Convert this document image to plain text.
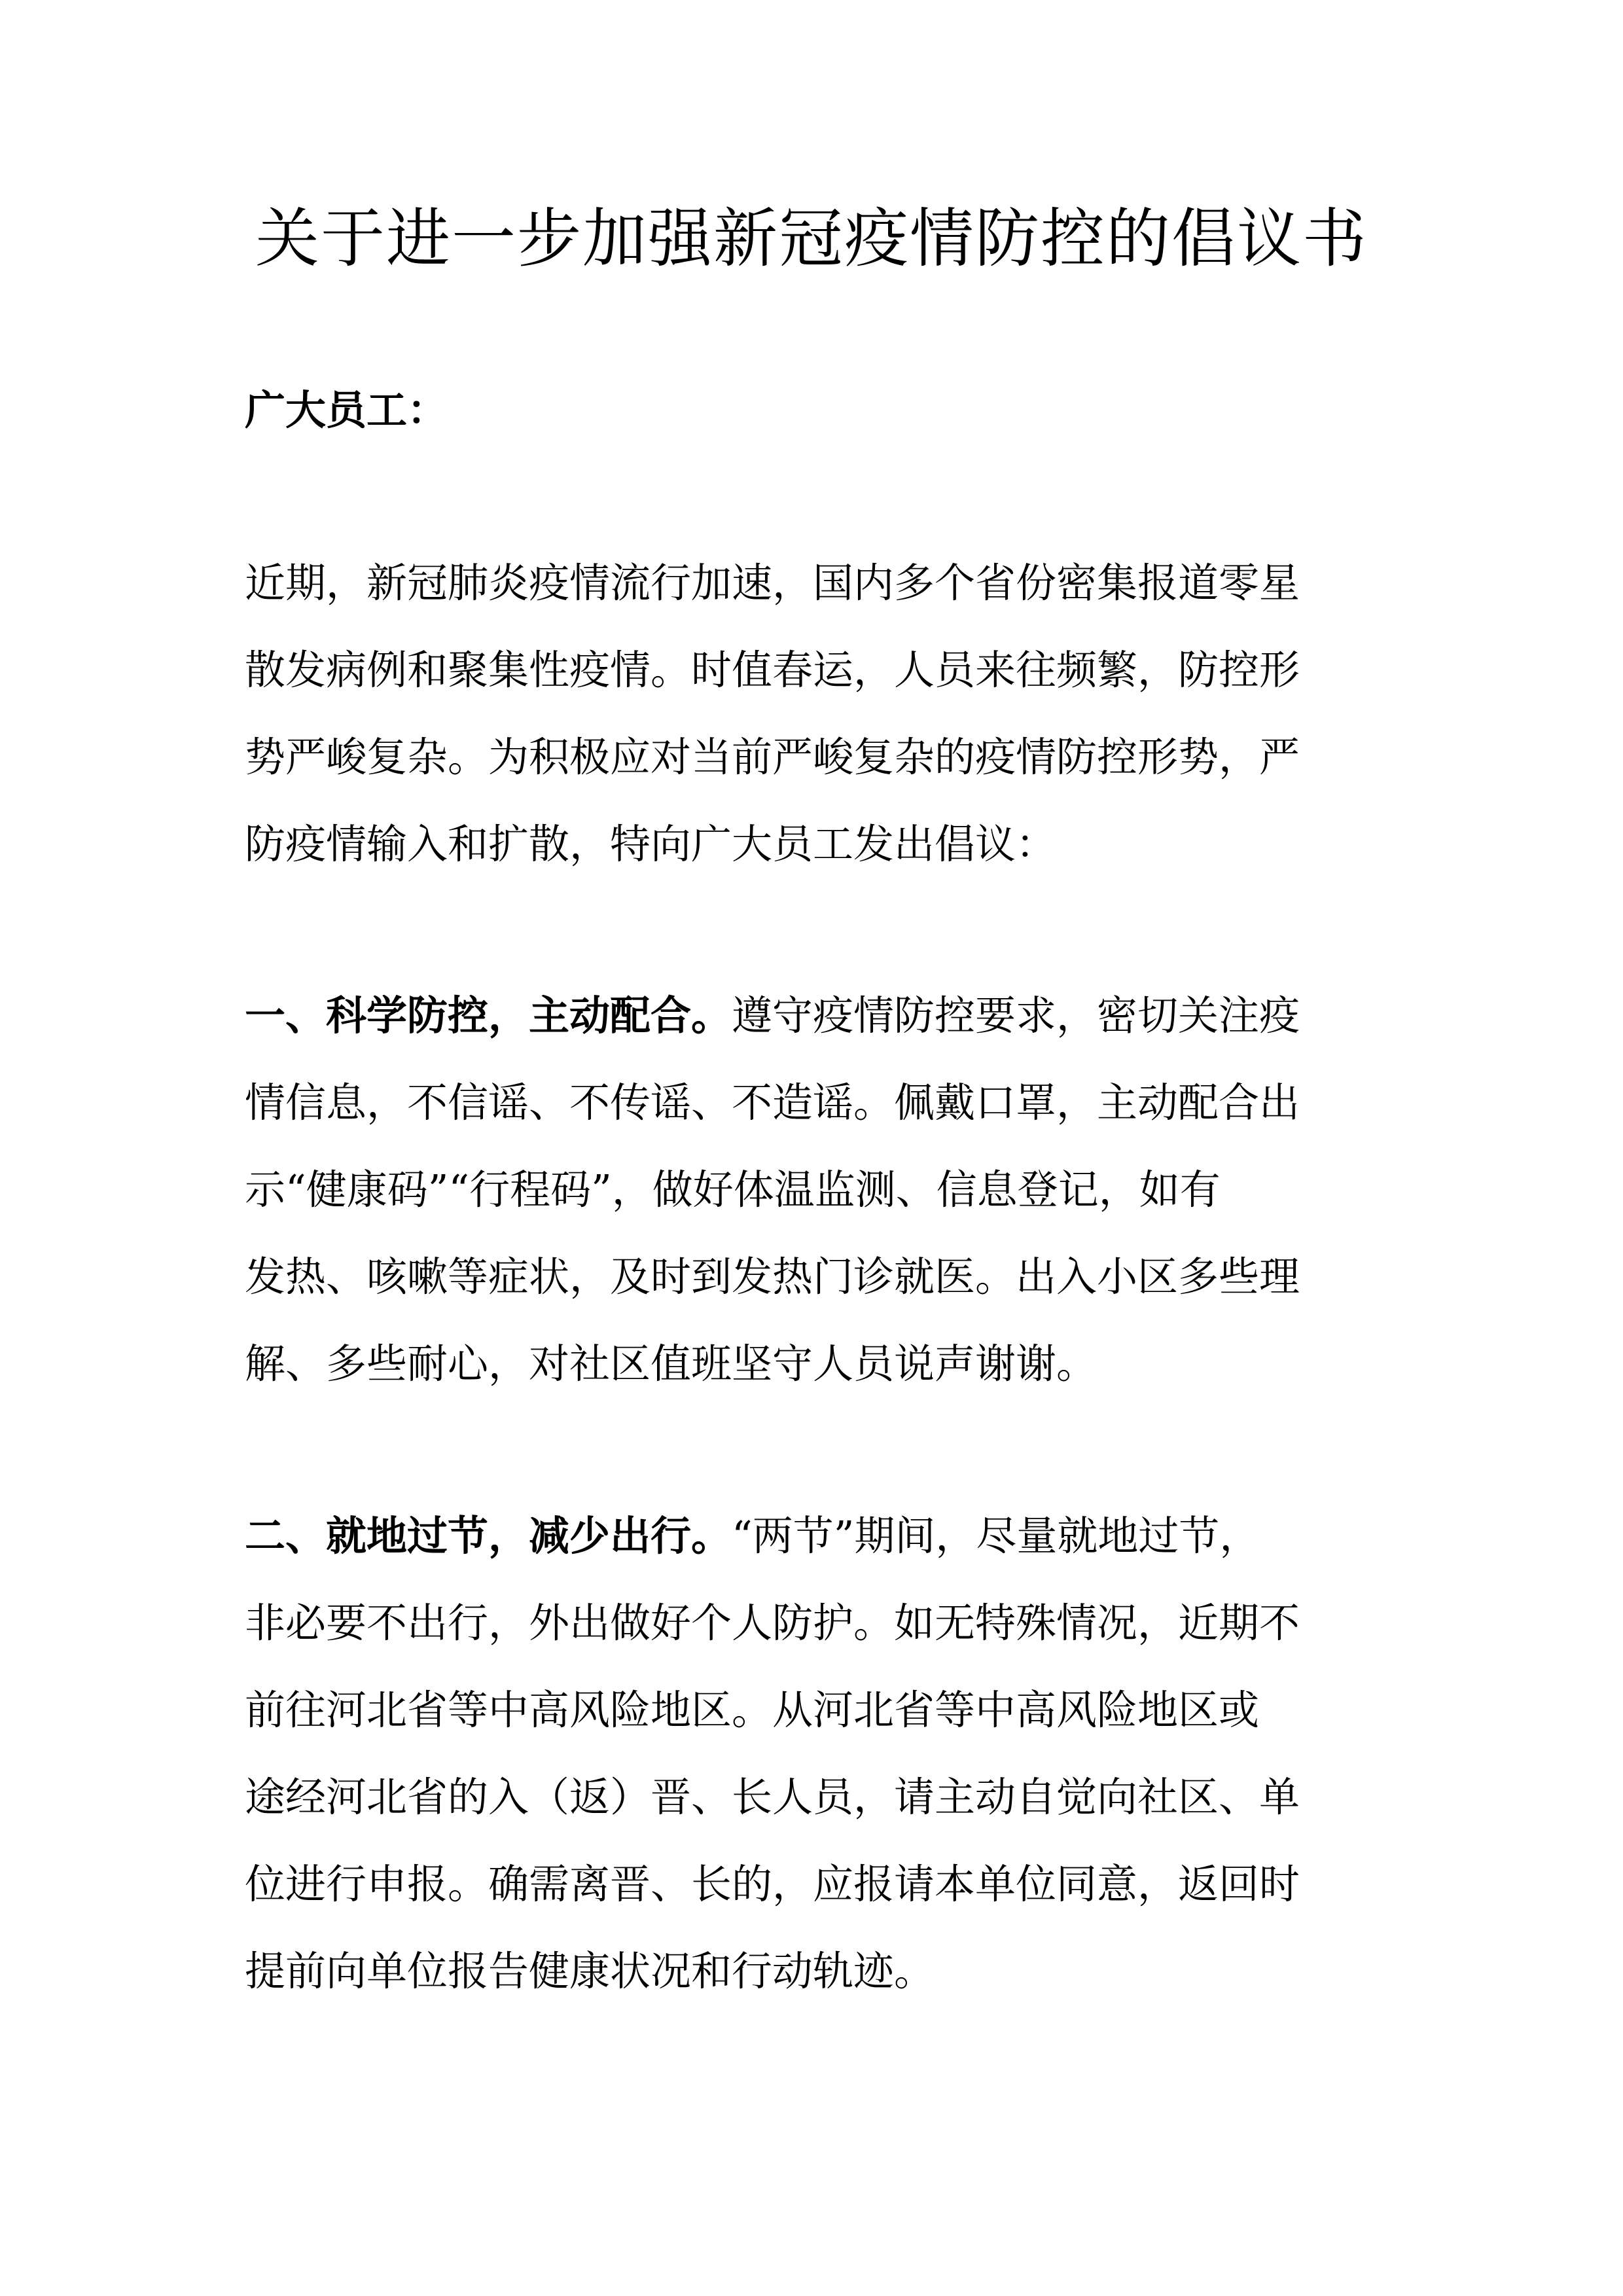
关于进一步加强新冠疫情防控的倡议书
广大员工：
近期，新冠肺炎疫情流行加速，国内多个省份密集报道零星
散发病例和聚集性疫情。时值春运，人员来往频繁，防控形
势严峻复杂。为积极应对当前严峻复杂的疫情防控形势，严
防疫情输入和扩散，特向广大员工发出倡议：
一、科学防控，主动配合。遵守疫情防控要求，密切关注疫
情信息，不信谣、不传谣、不造谣。佩戴口罩，主动配合出
示“健康码”“行程码”，做好体温监测、信息登记，如有
发热、咳嗽等症状，及时到发热门诊就医。出入小区多些理
解、多些耐心，对社区值班坚守人员说声谢谢。
二、就地过节，减少出行。“两节”期间，尽量就地过节，
非必要不出行，外出做好个人防护。如无特殊情况，近期不
前往河北省等中高风险地区。从河北省等中高风险地区或
途经河北省的入（返）晋、长人员，请主动自觉向社区、单
位进行申报。确需离晋、长的，应报请本单位同意，返回时
提前向单位报告健康状况和行动轨迹。
